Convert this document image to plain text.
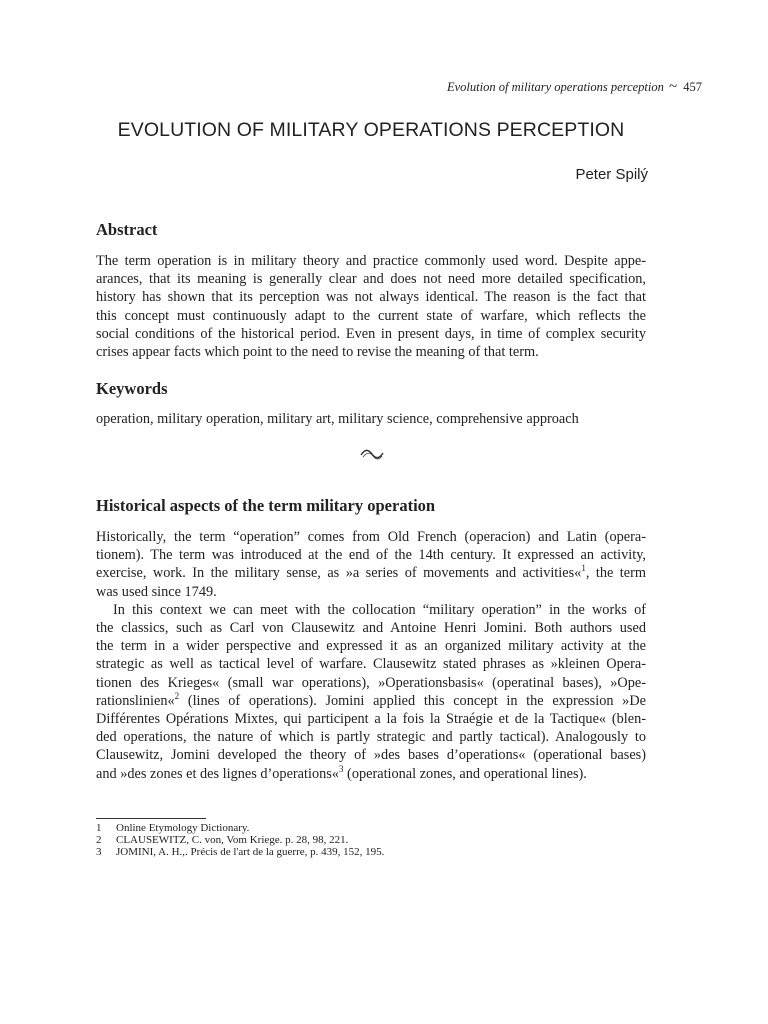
Evolution of military operations perception ~ 457
EVOLUTION OF MILITARY OPERATIONS PERCEPTION
Peter Spilý
Abstract
The term operation is in military theory and practice commonly used word. Despite appe-
arances, that its meaning is generally clear and does not need more detailed specification,
history has shown that its perception was not always identical. The reason is the fact that
this concept must continuously adapt to the current state of warfare, which reflects the
social conditions of the historical period. Even in present days, in time of complex security
crises appear facts which point to the need to revise the meaning of that term.
Keywords
operation, military operation, military art, military science, comprehensive approach
Historical aspects of the term military operation
Historically, the term “operation” comes from Old French (operacion) and Latin (opera-
tionem). The term was introduced at the end of the 14th century. It expressed an activity,
exercise, work. In the military sense, as »a series of movements and activities«$^1$, the term
was used since 1749.
In this context we can meet with the collocation “military operation” in the works of
the classics, such as Carl von Clausewitz and Antoine Henri Jomini. Both authors used
the term in a wider perspective and expressed it as an organized military activity at the
strategic as well as tactical level of warfare. Clausewitz stated phrases as »kleinen Opera-
tionen des Krieges« (small war operations), »Operationsbasis« (operatinal bases), »Ope-
rationslinien«$^2$ (lines of operations). Jomini applied this concept in the expression »De
Différentes Opérations Mixtes, qui participent a la fois la Straégie et de la Tactique« (blen-
ded operations, the nature of which is partly strategic and partly tactical). Analogously to
Clausewitz, Jomini developed the theory of »des bases d’operations« (operational bases)
and »des zones et des lignes d’operations«$^3$ (operational zones, and operational lines).
1	Online Etymology Dictionary.
2	CLAUSEWITZ, C. von, Vom Kriege. p. 28, 98, 221.
3	JOMINI, A. H.,. Précis de l'art de la guerre, p. 439, 152, 195.
